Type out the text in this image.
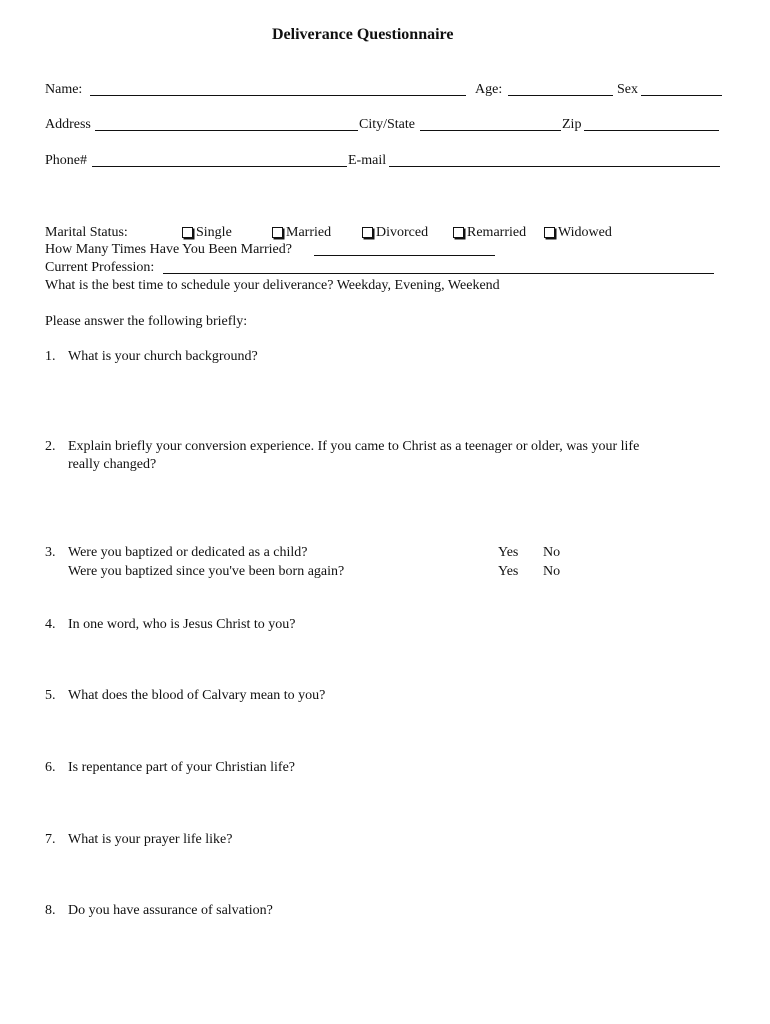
Deliverance Questionnaire
Name:	Age:	Sex
Address	City/State	Zip
Phone#	E-mail
Marital Status:	Single	Married	Divorced	Remarried Widowed
How Many Times Have You Been Married?
Current Profession:
What is the best time to schedule your deliverance? Weekday, Evening, Weekend
Please answer the following briefly:
1. What is your church background?
2. Explain briefly your conversion experience. If you came to Christ as a teenager or older, was your life
really changed?
3. Were you baptized or dedicated as a child?	Yes No
Were you baptized since you've been born again?	Yes No
4. In one word, who is Jesus Christ to you?
5. What does the blood of Calvary mean to you?
6. Is repentance part of your Christian life?
7. What is your prayer life like?
8. Do you have assurance of salvation?
